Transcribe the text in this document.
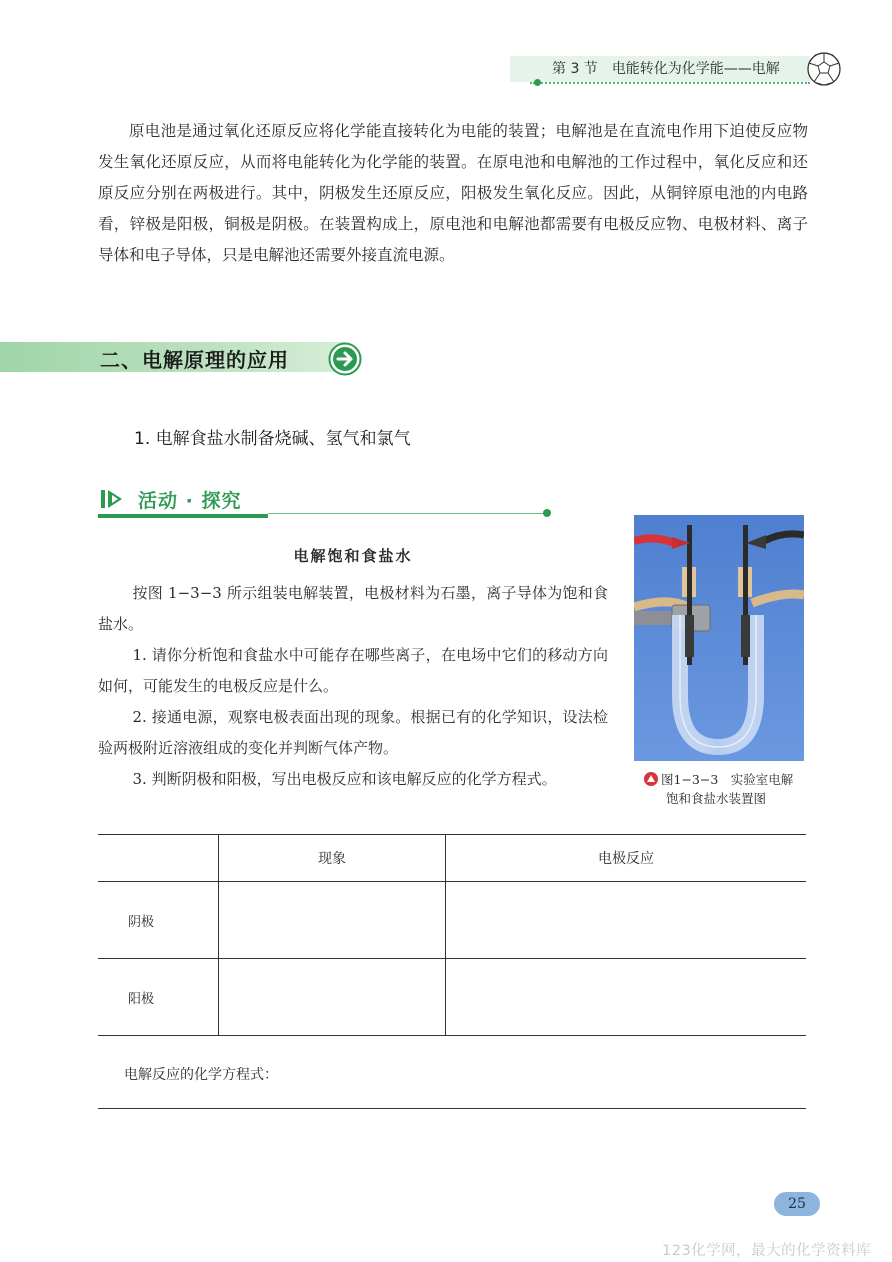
第 3 节 电能转化为化学能——电解
原电池是通过氧化还原反应将化学能直接转化为电能的装置；电解池是在直流电作用下迫使反应物发生氧化还原反应，从而将电能转化为化学能的装置。在原电池和电解池的工作过程中，氧化反应和还原反应分别在两极进行。其中，阴极发生还原反应，阳极发生氧化反应。因此，从铜锌原电池的内电路看，锌极是阳极，铜极是阴极。在装置构成上，原电池和电解池都需要有电极反应物、电极材料、离子导体和电子导体，只是电解池还需要外接直流电源。
二、电解原理的应用
1. 电解食盐水制备烧碱、氢气和氯气
活动 · 探究
电解饱和食盐水

按图 1−3−3 所示组装电解装置，电极材料为石墨，离子导体为饱和食盐水。

1. 请你分析饱和食盐水中可能存在哪些离子，在电场中它们的移动方向如何，可能发生的电极反应是什么。

2. 接通电源，观察电极表面出现的现象。根据已有的化学知识，设法检验两极附近溶液组成的变化并判断气体产物。

3. 判断阴极和阳极，写出电极反应和该电解反应的化学方程式。	图1−3−3　实验室电解
饱和食盐水装置图
	现象	电极反应
阴极		
阳极		
电解反应的化学方程式：
25
123化学网，最大的化学资料库
